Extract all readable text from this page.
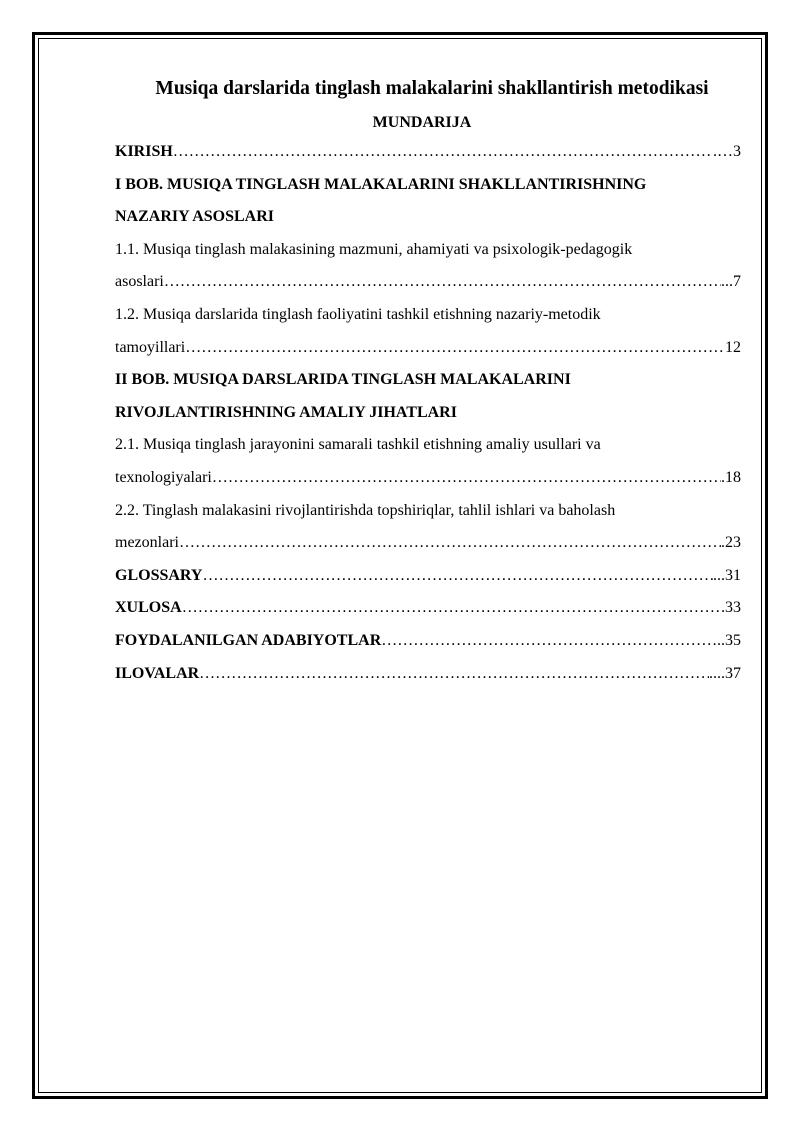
Musiqa darslarida tinglash malakalarini shakllantirish metodikasi
MUNDARIJA
KIRISH ……………………………………………………………………………………………………………………………………………………………………………………………………	.… 3
I BOB. MUSIQA TINGLASH MALAKALARINI SHAKLLANTIRISHNING
NAZARIY ASOSLARI
1.1. Musiqa tinglash malakasining mazmuni, ahamiyati va psixologik-pedagogik
asoslari ……………………………………………………………………………………………………………………………………………………………………………………………………	... 7
1.2. Musiqa darslarida tinglash faoliyatini tashkil etishning nazariy-metodik
tamoyillari ……………………………………………………………………………………………………………………………………………………………………………………………………	12
II BOB. MUSIQA DARSLARIDA TINGLASH MALAKALARINI
RIVOJLANTIRISHNING AMALIY JIHATLARI
2.1. Musiqa tinglash jarayonini samarali tashkil etishning amaliy usullari va
texnologiyalari ……………………………………………………………………………………………………………………………………………………………………………………………………	. 18
2.2. Tinglash malakasini rivojlantirishda topshiriqlar, tahlil ishlari va baholash
mezonlari ……………………………………………………………………………………………………………………………………………………………………………………………………	. 23
GLOSSARY ……………………………………………………………………………………………………………………………………………………………………………………………………	... 31
XULOSA ……………………………………………………………………………………………………………………………………………………………………………………………………	33
FOYDALANILGAN ADABIYOTLAR ……………………………………………………………………………………………………………………………………………………………………………………………………	.. 35
ILOVALAR ……………………………………………………………………………………………………………………………………………………………………………………………………	.... 37
